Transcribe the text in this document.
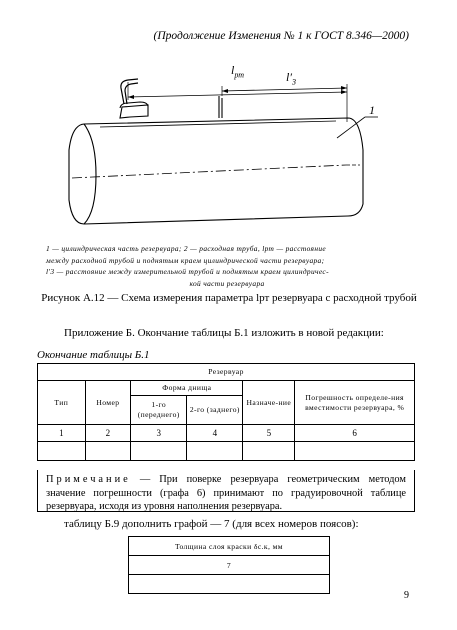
(Продолжение Изменения № 1 к ГОСТ 8.346—2000)
$l_{рт}$	$l'_3$
1
1 — цилиндрическая часть резервуара; 2 — расходная труба, lрт — расстояние
между расходной трубой и поднятым краем цилиндрической части резервуара;
l′3 — расстояние между измерительной трубой и поднятым краем цилиндричес-
кой части резервуара
Рисунок А.12 — Схема измерения параметра lрт резервуара с расходной трубой
Приложение Б. Окончание таблицы Б.1 изложить в новой редакции:
Окончание таблицы Б.1
Резервуар					
Тип	Номер	Форма днища		Назначе-ние	Погрешность определе-ния вместимости резервуара, %
		1-го (переднего)	2-го (заднего)		
1	2	3	4	5	6

Примечание — При поверке резервуара геометрическим методом значение погрешности (графа 6) принимают по градуировочной таблице резервуара, исходя из уровня наполнения резервуара.
таблицу Б.9 дополнить графой — 7 (для всех номеров поясов):
Толщина слоя краски δс.к, мм
7

9
